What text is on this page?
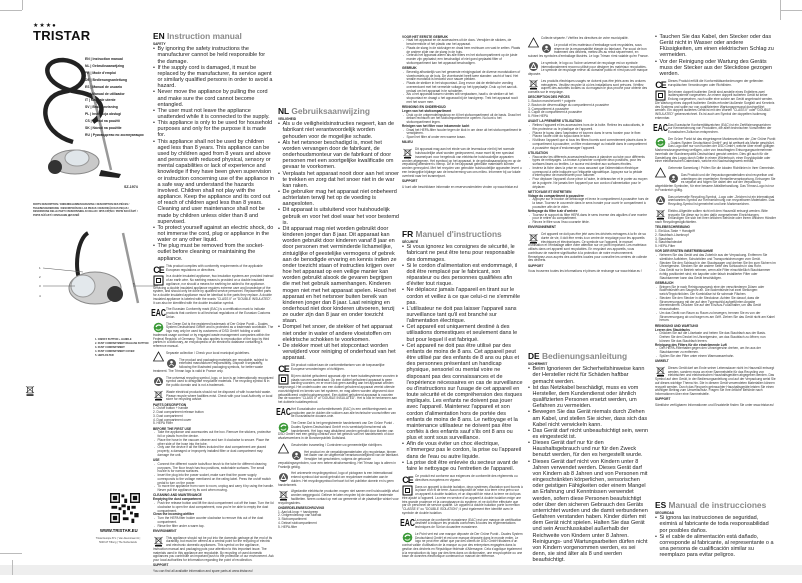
★★★●
TRISTAR
EN | Instruction manual
NL | Gebruiksaanwijzing
FR | Mode d'emploi
DE | Bedienungsanleitung
ES | Manual de usuario
PT | Manual de utilizador
IT | Manuale utente
SV | Bruksanvisning
PL | Instrukcja obsługi
CS | Návod na použití
SK | Návod na použitie
RU | Руководство по эксплуатации
SZ-1974
PARTS DESCRIPTION / ONDERDELENBESCHRIJVING / DESCRIPTION DES PIÈCES / TEILEBESCHREIBUNG / DESCRIPCIÓN DE LAS PIEZAS / DESCRIÇÃO DAS PEÇAS / DESCRIZIONE DELLE PARTI / BESKRIVNING AV DELAR / OPIS CZĘŚCI / POPIS SOUČÁSTÍ / POPIS SÚČASTÍ / ОПИСАНИЕ ДЕТАЛЕЙ
1
2
3
4
5
1. ON/OFF BUTTON + HANDLE
2. DUST COMPARTMENT RELEASE BUTTON
3. DUST COMPARTMENT
4. DUST COMPARTMENT COVER
5. HEPA FILTER
WWW.TRISTAR.EU
Tristar Europe B.V. | Van Akenstraat 41 | 5048 AT Tilburg | The Netherlands
EN Instruction manual
SAFETY
• By ignoring the safety instructions the manufacturer cannot be held responsible for the damage.
• If the supply cord is damaged, it must be replaced by the manufacturer, its service agent or similarly qualified persons in order to avoid a hazard.
• Never move the appliance by pulling the cord and make sure the cord cannot become entangled.
• The user must not leave the appliance unattended while it is connected to the supply.
• This appliance is only to be used for household purposes and only for the purpose it is made for.
• This appliance shall not be used by children aged less than 8 years. This appliance can be used by children aged from 8 years and above and persons with reduced physical, sensory or mental capabilities or lack of experience and knowledge if they have been given supervision or instruction concerning use of the appliance in a safe way and understand the hazards involved. Children shall not play with the appliance. Keep the appliance and its cord out of reach of children aged less than 8 years. Cleaning and user maintenance shall not be made by children unless older than 8 and supervised.
• To protect yourself against an electric shock, do not immerse the cord, plug or appliance in the water or any other liquid.
• The plug must be removed from the socket-outlet before cleaning or maintaining the appliance.
CE This product complies with conformity requirements of the applicable European regulations or directives.
In a double insulated appliance, two insulation systems are provided instead of an earth wire. No earthing means is provided on a double insulated appliance, nor should a means for earthing be added to the appliance. Servicing a double insulated appliance requires extreme care and knowledge of the system, and should only be done by qualified service personnel. Replacement parts for a double insulated appliance must be identical to the parts they replace. A double insulated appliance is labeled with the words "CLASS II" or "DOUBLE INSULATED". It can also be identified with the double insulation symbol.
EAC The Eurasian Conformity mark (EAC) is a certification mark to indicate products that conform to all technical regulations of the Eurasian Customs Union.
The Green Dot is the registered trademark of Der Grüne Punkt – Duales System Deutschland GmbH and is protected as a trademark worldwide. The logo may only be used by customers of DSD GmbH holding a valid trademark usage contract or by engaged waste management companies within the Federal Republic of Germany. This also applies to reproduction of the logo by third parties in a dictionary, an encyclopedia or an electronic database containing a reference manual.
Separate collection / Check your local municipal guidelines.
The product and packaging materials are recyclable, subject to extended manufacturer responsibility. Dispose it separately, following the illustrated packaging symbols, for better waste treatment. The Triman logo is valid in France only.
The universal recycling symbol, logo, or icon is an internationally recognized symbol used to designate recyclable materials. The recycling symbol is in the public domain and is not a trademark.
Waste electrical products should not be disposed of with household waste. Please recycle where facilities exist. Check with your local Authority or local store for recycling advice.
PARTS DESCRIPTION
1. On/off button + handle
2. Dust compartment release button
3. Dust compartment
4. Dust compartment cover
5. HEPA Filter
BEFORE THE FIRST USE
- Take the appliance and accessories out the box. Remove the stickers, protective foil or plastic from the device.
- Place the hose in the vacuum cleaner and turn it clockwise to secure. Place the other side of the hose into the tube.
- Only use the device if all the filters included the dust compartment are placed properly; a damaged or improperly installed filter or dust compartment may damage the unit.
USE
- Connect the different nozzle tools/floor brush to the tube for different cleaning purposes. The floor brush has two positions, switchable surfaces. The small nozzle is for narrow surfaces.
- Insert the plug into the power socket, make sure that the power supply corresponds to the voltage mentioned on the rating label. Press the on/off switch pedal to turn on the power.
- To move the appliance from room to room, unplug and carry it by using the handle. Never pull the appliance by its cord when moving.
CLEANING AND MAINTENANCE
Emptying the dust compartment
- Push the release button and lift the dust compartment out off the base. Turn the lid clockwise to open the dust compartment, now you're be able to empty the dust compartment.
Clean the incoming airfilter
- Turn the HEPA filter holder counter clockwise to remove this out of the dust compartment.
- Rinse the filter under a warm tap.
ENVIRONMENT
This appliance should not be put into the domestic garbage at the end of its durability, but must be offered at a central point for the recycling of electric and electronic domestic appliances. This symbol on the appliance, instruction manual and packaging puts your attention to this important issue. The materials used in this appliance are recyclable. By recycling of used domestic appliances you contribute an important push to the protection of our environment. Ask your local authorities for information regarding the point of recollection.
SUPPORT
You can find all available information and spare parts at www.tristar.eu!
NL Gebruiksaanwijzing
VEILIGHEID
• Als u de veiligheidsinstructies negeert, kan de fabrikant niet verantwoordelijk worden gehouden voor de mogelijke schade.
• Als het netsnoer beschadigd is, moet het worden vervangen door de fabrikant, de onderhoudsmonteur van de fabrikant of door personen met een soortgelijke kwalificatie om gevaar te voorkomen.
• Verplaats het apparaat nooit door aan het snoer te trekken en zorg dat het snoer niet in de war kan raken.
• De gebruiker mag het apparaat niet onbeheerd achterlaten terwijl het op de voeding is aangesloten.
• Dit apparaat is uitsluitend voor huishoudelijk gebruik en voor het doel waar het voor bestemd is.
• Dit apparaat mag niet worden gebruikt door kinderen jonger dan 8 jaar. Dit apparaat kan worden gebruikt door kinderen vanaf 8 jaar en door personen met verminderde lichamelijke, zintuiglijke of geestelijke vermogens of gebrek aan de benodigde ervaring en kennis indien ze onder toezicht staan of instructies krijgen over hoe het apparaat op een veilige manier kan worden gebruikt alsook de gevaren begrijpen die met het gebruik samenhangen. Kinderen mogen niet met het apparaat spelen. Houd het apparaat en het netsnoer buiten bereik van kinderen jonger dan 8 jaar. Laat reiniging en onderhoud niet door kinderen uitvoeren, tenzij ze ouder zijn dan 8 jaar en onder toezicht staan.
• Dompel het snoer, de stekker of het apparaat niet onder in water of andere vloeistoffen om elektrische schokken te voorkomen.
• De stekker moet uit het stopcontact worden verwijderd voor reiniging of onderhoud van het apparaat.
CE Dit product voldoet aan de conformiteitseisen van de toepasselijke Europese verordeningen of richtlijnen.
Bij een dubbel geïsoleerd apparaat zijn er twee isolatiesystemen voorzien in plaats van een aardedraad. Op een dubbel geïsoleerd apparaat is geen aarding voorzien, en er moet ook geen aarding aan het apparaat worden toegevoegd. Het onderhouden van een dubbel geïsoleerd apparaat vereist uiterste voorzichtigheid en kennis van het systeem, en mag alleen worden uitgevoerd door gekwalificeerd onderhoudspersoneel. Een dubbel geïsoleerd apparaat is voorzien van de woorden "CLASS II" of "DOUBLE INSULATED". Het is ook te herkennen aan het dubbele isolatiesymbool.
EAC Het Euraziatische conformiteitsmerk (EAC) is een certificeringsmerk om producten aan te duiden die voldoen aan alle technische voorschriften van de Euraziatische douane-unie.
The Green Dot is het geregistreerde handelsmerk van Der Grüne Punkt - Duales System Deutschland GmbH en is wereldwijd beschermd als handelsmerk. Het logo mag uitsluitend worden gebruikt door klanten van DSD GmbH met een geldig contract voor het gebruik van het handelsmerk of door afvalverwerkers in de Bondsrepubliek Duitsland.
Gescheiden inzameling / Controleer uw gemeentelijke richtlijnen.
Het product en de verpakkingsmaterialen zijn recyclebaar, binnen het kader van de uitgebreide verantwoordelijkheid van de fabrikant. Verwijder het gescheiden, volgens de getoonde verpakkingssymbolen, voor een betere afvalverwerking. Het Triman logo is alleen in Frankrijk geldig.
Het universele recyclingsymbool, logo of pictogram is een internationaal erkend symbool dat wordt gebruikt om recyclebare materialen aan te duiden. Het recyclingsymbool behoort tot het publieke domein en is geen handelsmerk.
Afgedankte elektrische producten mogen niet samen met huishoudelijk afval worden weggegooid. Gelieve te laten recyclen bij de daarvoor bestemde faciliteiten. Neem contact op met uw gemeente of de plaatselijke winkel voor recyclingadvies.
ONDERDELENBESCHRIJVING
1. Aan/uit-knop + handgreep
2. Ontgrendelknop van stofvak
3. Stofcompartiment
4. Deksel stofcompartiment
5. HEPA-filter
VOOR HET EERSTE GEBRUIK
- Haal het apparaat en de accessoires uit de doos. Verwijder de stickers, de beschermfolie of het plastic van het apparaat.
- Plaats de slang in de stofzuiger en draai hem rechtsom om vast te zetten. Plaats de andere zijde van de slang in de buis.
- Gebruik het apparaat alleen als alle filters en het stofcompartiment op de juiste manier zijn geplaatst; een beschadigd of niet goed geplaatst filter of stofcompartiment kan het apparaat beschadigen.
GEBRUIK
- Bevestig afhankelijk van het gewenste reinigingsdoel de diverse mondstukken of vloerborstels op de buis. De vloerborstel heeft twee standen: zacht of hard. Het smalle mondstuk is bedoeld voor nauwe plekken.
- Plaats de stekker in het stopcontact. Zorg ervoor dat de elektrische voeding overeenkomt met het vermelde voltage op het typeplaatje. Druk op het aan/uit-pedaal om het apparaat in te schakelen.
- Als u het apparaat tussen ruimtes wilt verplaatsen, haalt u de stekker uit het stopcontact en draagt u het apparaat bij de handgreep. Trek het apparaat nooit met het snoer mee.
REINIGING EN ONDERHOUD
Legen van het stofcompartiment
- Druk op de ontgrendelingsknop en til het stofcompartiment uit de basis. Draai het deksel rechtsom om het stofcompartiment te openen. Nu kunt u het stofcompartiment legen.
Reinigen van het filter voor inkomende lucht
- Draai het HEPA-filter houder tegen de klok in om deze uit het stofcompartiment te verwijderen.
- Spoel het filter af onder een warme kraan.
MILIEU
Dit apparaat mag aan het einde van de levensduur niet bij het normale huishoudelijke afval worden gedeponeerd, maar moet bij een speciaal inzamelpunt voor hergebruik van elektrische huishoudelijke apparaten worden afgegeven. Het symbool op het apparaat, in de gebruiksaanwijzing en op de verpakking attendeert u hierop. De in het apparaat gebruikte materialen kunnen worden gerecycled. Met het recyclen van gebruikte huishoudelijke apparaten levert u een belangrijke bijdrage aan de bescherming van ons milieu. Informeer bij uw lokale overheid naar het inzamelpunt.
SUPPORT
U kunt alle beschikbare informatie en reserveonderdelen vinden op www.tristar.eu!
FR Manuel d'instructions
SÉCURITÉ
• Si vous ignorez les consignes de sécurité, le fabricant ne peut être tenu pour responsable des dommages.
• Si le cordon d'alimentation est endommagé, il doit être remplacé par le fabricant, son réparateur ou des personnes qualifiées afin d'éviter tout risque.
• Ne déplacez jamais l'appareil en tirant sur le cordon et veillez à ce que celui-ci ne s'emmêle pas.
• L'utilisateur ne doit pas laisser l'appareil sans surveillance tant qu'il est branché sur l'alimentation électrique.
• Cet appareil est uniquement destiné à des utilisations domestiques et seulement dans le but pour lequel il est fabriqué.
• Cet appareil ne doit pas être utilisé par des enfants de moins de 8 ans. Cet appareil peut être utilisé par des enfants de 8 ans ou plus et des personnes présentant un handicap physique, sensoriel ou mental voire ne disposant pas des connaissances et de l'expérience nécessaires en cas de surveillance ou d'instructions sur l'usage de cet appareil en toute sécurité et de compréhension des risques impliqués. Les enfants ne doivent pas jouer avec l'appareil. Maintenez l'appareil et son cordon d'alimentation hors de portée des enfants de moins de 8 ans. Le nettoyage et la maintenance utilisateur ne doivent pas être confiés à des enfants sauf s'ils ont 8 ans ou plus et sont sous surveillance.
• Afin de vous éviter un choc électrique, n'immergez pas le cordon, la prise ou l'appareil dans de l'eau ou autre liquide.
• La prise doit être enlevée du secteur avant de faire le nettoyage ou l'entretien de l'appareil.
CE Ce produit est conforme aux exigences de conformité des règlements ou directives européens en vigueur.
Dans un appareil à double isolation, deux systèmes d'isolation sont fournis à la place d'un fil de terre. Aucun dispositif de mise à la terre n'est prévu sur un appareil à double isolation, et un dispositif de mise à la terre ne doit pas être ajouté à l'appareil. La mise en service d'un appareil à double isolation exige une très grande prudence et la connaissance du système, et ne doit être effectuée que par un personnel de service qualifié. Un appareil à double isolation porte la mention "CLASSE II" ou "DOUBLE ISOLATION"; il peut également être identifié avec le symbole de double isolation.
EAC La marque de conformité eurasienne (EAC) est une marque de certification destinée à indiquer les produits conformes à toutes les réglementations techniques de l'Union douanière eurasienne.
Le Point vert est une marque déposée de Der Grüne Punkt - Duales System Deutschland GmbH et est une marque déposée dans le monde entier. Le logo ne peut être utilisé que par des clients de DSD GmbH titulaires d'un contrat valide d'utilisation de la marque ou par des entreprises engagées dans la gestion des déchets en République fédérale d'Allemagne. Cela s'applique également à la reproduction du logo par des tiers dans un dictionnaire, une encyclopédie ou une base de données électronique contenant un manuel de référence.
Collecte séparée / Vérifiez les directives de votre municipalité.
Le produit et les matériaux d'emballage sont recyclables, sous réserve de la responsabilité élargie du fabricant. Par souci de bon traitement des déchets, mettez-les au rebut séparément, en suivant les symboles d'emballage illustrés. Le logo Triman n'est valable qu'en France.
Le symbole, le logo ou l'icône universel de recyclage est un symbole internationalement reconnu utilisé pour désigner les matériaux recyclables. Le symbole de recyclage relève du domaine public et n'est pas une marque déposée.
Les produits électriques usagés ne doivent pas être jetés avec les ordures ménagères. Veuillez recycler là où les installations sont prévues. Vérifiez auprès des autorités locales ou du magasin le plus proche pour obtenir des conseils sur le recyclage.
DESCRIPTION DES PIÈCES
1. Bouton marche/arrêt + poignée
2. Bouton de déverrouillage du compartiment à poussière
3. Compartiment à poussière
4. Capot de compartiment à poussière
5. Filtre HEPA
AVANT LA PREMIÈRE UTILISATION
- Retirez l'appareil et les accessoires hors de la boîte. Retirez les autocollants, le film protecteur ou le plastique de l'appareil.
- Placez le tuyau dans l'aspirateur et tournez dans le sens horaire pour le fixer. Placez l'autre côté du tuyau dans le tube.
- N'utilisez l'appareil que si tous les filtres fournis sont correctement placés dans le compartiment à poussière; un filtre endommagé ou installé dans le compartiment à poussière risque d'endommager l'appareil.
UTILISATION
- Raccordez les différents accessoires/brosses à plancher au tube pour différents types de nettoyages. La brosse à plancher comporte deux positions, pour les surfaces lisses ou textiles. Le suceur est destiné aux surfaces étroites.
- Insérez la fiche dans la prise en vous assurant que l'alimentation électrique correspond à celle indiquée sur l'étiquette signalétique. Appuyez sur la pédale d'interrupteur de marche/arrêt pour l'allumer.
- Pour déplacer l'appareil d'une pièce à l'autre, le débrancher et le porter au moyen de la poignée. Ne jamais tirer l'appareil par son cordon d'alimentation pour le déplacer.
NETTOYAGE ET ENTRETIEN
Vidage du compartiment à poussière
- Appuyez sur le bouton de déblocage et levez le compartiment à poussière hors de la base. Tournez le couvercle dans le sens horaire pour ouvrir le compartiment à poussière afin de le vider.
Nettoyage du filtre à air d'arrivée
- Tournez le support du filtre HEPA dans le sens inverse des aiguilles d'une montre pour le retirer du compartiment.
- Rincez le filtre sous l'eau courante tiède.
ENVIRONNEMENT
Cet appareil ne doit pas être jeté avec les déchets ménagers à la fin de sa durée de vie, il doit être remis à un centre de recyclage pour les appareils électriques et électroniques. Ce symbole sur l'appareil, le manuel d'utilisation et l'emballage attire votre attention sur ce point important. Les matériaux utilisés dans cet appareil sont recyclables. En recyclant vos appareils, vous contribuez de manière significative à la protection de notre environnement. Renseignez-vous auprès des autorités locales pour connaître les centres de collecte des déchets.
SUPPORT
Vous trouverez toutes les informations et pièces de rechange sur www.tristar.eu !
DE Bedienungsanleitung
SICHERHEIT
• Beim Ignorieren der Sicherheitshinweise kann der Hersteller nicht für Schäden haftbar gemacht werden.
• Ist das Netzkabel beschädigt, muss es vom Hersteller, dem Kundendienst oder ähnlich qualifizierten Personen ersetzt werden, um Gefahren zu vermeiden.
• Bewegen Sie das Gerät niemals durch Ziehen am Kabel, und stellen Sie sicher, dass sich das Kabel nicht verwickeln kann.
• Das Gerät darf nicht unbeaufsichtigt sein, wenn es eingesteckt ist.
• Dieses Gerät darf nur für den Haushaltsgebrauch und nur für den Zweck benutzt werden, für den es hergestellt wurde.
• Dieses Gerät darf nicht von Kindern unter 8 Jahren verwendet werden. Dieses Gerät darf von Kindern ab 8 Jahren und von Personen mit eingeschränkten körperlichen, sensorischen oder geistigen Fähigkeiten oder einem Mangel an Erfahrung und Kenntnissen verwendet werden, sofern diese Personen beaufsichtigt oder über den sicheren Gebrauch des Geräts unterrichtet wurden und die damit verbundenen Gefahren verstanden haben. Kinder dürfen mit dem Gerät nicht spielen. Halten Sie das Gerät und sein Anschlusskabel außerhalb der Reichweite von Kindern unter 8 Jahren. Reinigungs- und Wartungsarbeiten dürfen nicht von Kindern vorgenommen werden, es sei denn, sie sind älter als 8 und werden beaufsichtigt.
• Tauchen Sie das Kabel, den Stecker oder das Gerät nicht in Wasser oder andere Flüssigkeiten, um einen elektrischen Schlag zu vermeiden.
• Vor der Reinigung oder Wartung des Geräts muss der Stecker aus der Steckdose gezogen werden.
CE Dieses Produkt erfüllt die Konformitätsanforderungen der geltenden europäischen Verordnungen oder Richtlinien.
Bei einem doppelt isolierten Gerät sind anstelle eines Erdleiters zwei Isoliersysteme vorgesehen. An einem doppelt isolierten Gerät ist keine Erdung vorgesehen, noch sollte eine solche am Gerät angebracht werden. Die Wartung eines doppelt isolierten Geräts erfordert äußerste Sorgfalt und Kenntnis des Systems und sollte nur von qualifiziertem Wartungspersonal durchgeführt werden. Ein doppelt isoliertes Gerät ist mit den Worten "CLASS II" oder "DOUBLE INSULATED" gekennzeichnet. Es ist auch am Symbol der doppelten Isolierung erkennbar.
EAC Das Eurasische Konformitätszeichen (EAC) ist ein Zertifizierungszeichen zur Kennzeichnung von Produkten, die allen technischen Vorschriften der Eurasischen Zollunion entsprechen.
Der Grüne Punkt ist das eingetragene Markenzeichen der „Der Grüne Punkt – Duales System Deutschland GmbH“ und ist weltweit als Marke geschützt. Das Logo darf nur von Kunden der DSD GmbH, welche über einen gültigen Markennutzungsvertrag verfügen, oder von beauftragten Entsorgungsunternehmen innerhalb der Bundesrepublik Deutschland genutzt werden. Dies gilt auch für die Darstellung des Logos durch Dritte in einem Wörterbuch, einer Enzyklopädie oder einer elektronischen Datenbank, welche ein Nachschlagewerk enthält.
Getrennte Sammlung / Prüfen Sie die lokalen Richtlinien in Ihrer Gemeinde.
Das Produkt und die Verpackungsmaterialien sind recycelbar und unterliegen der erweiterten Herstellerverantwortung. Entsorgen Sie es separat und folgen Sie dabei den auf der Verpackung abgebildeten Symbolen, für eine bessere Abfallbehandlung. Das Triman-Logo ist nur in Frankreich gültig.
Das universelle Recycling-Symbol, -Logo oder -Zeichen ist ein international anerkanntes Symbol zur Kennzeichnung von recycelbaren Materialien. Das Recycling-Symbol ist gemeinfrei und kein Markenzeichen.
Elektro-Altgeräte sollten nicht mit dem Hausmüll entsorgt werden. Bitte recyceln Sie diese nur in den dafür vorgesehenen Einrichtungen. Erkundigen Sie sich bei Ihrer örtlichen Behörde oder Ihrem örtlichen Händler nach Recyclingmöglichkeiten.
TEILEBESCHREIBUNG
1. Ein/Aus-Taste + Handgriff
2. Staubfach-Löseknopf
3. Staubfach
4. Staubfachdeckel
5. HEPA-Filter
VOR DER ERSTEN INBETRIEBNAHME
- Nehmen Sie das Gerät und das Zubehör aus der Verpackung. Entfernen Sie sämtliche Aufkleber, Schutzfolien und Transportsicherungen vom Gerät.
- Stecken Sie den Schlauch in den Staubsauger und drehen Sie ihn zum Sichern im Uhrzeigersinn. Stecken Sie die andere Seite des Schlauchs in das Rohr.
- Das Gerät nur in Betrieb nehmen, wenn alle Filter einschließlich Staubkammer richtig positioniert sind; ein kaputter oder falsch installierter Filter oder Staubkammer kann das Gerät beschädigen.
GEBRAUCH
- Bringen Sie je nach Reinigungszweck eine der verschiedenen Düsen oder Bodenbürsten am Saugrohr an. Die Bodenbürste hat zwei Stellungen: weich/Teppichböden. Die Kombidüse ist für schmale Flächen.
- Stecken Sie den Stecker in die Steckdose. Achten Sie darauf, dass die Stromversorgung mit der auf dem Typenschild aufgeführten Angabe übereinstimmt. Drücken Sie auf den Ein/Aus-Fußschalter, um das Gerät einzuschalten.
- Um das Gerät von Raum zu Raum zu bewegen, trennen Sie es von der Stromversorgung ab und tragen es am Griff. Ziehen Sie das Gerät nicht am Kabel herum.
REINIGUNG UND WARTUNG
Leeren des Staubfachs
- Drücken Sie auf die Lösetaste und heben Sie das Staubfach aus der Basis. Drehen Sie den Deckel im Uhrzeigersinn, um das Staubfach zu öffnen; nun können Sie das Staubfach leeren.
Reinigung des Filters für die einströmende Luft
- Den HEPA-Filterhalter gegen den Uhrzeigersinn drehen, um ihn aus der Staubkammer zu entfernen.
- Spülen Sie den Filter unter einem Warmwasserhahn.
UMWELT
Dieses Gerät darf am Ende seiner Lebensdauer nicht im Hausmüll entsorgt werden, sondern muss an einer Sammelstelle für das Recycling von elektrischen und elektronischen Haushaltsgeräten abgegeben werden. Das Symbol auf dem Gerät, in der Bedienungsanleitung und auf der Verpackung weist Sie auf dieses wichtige Thema hin. Die in diesem Gerät verwendeten Materialien können recycelt werden. Durch das Recyceln gebrauchter Haushaltsgeräte leisten Sie einen wichtigen Beitrag zum Umweltschutz. Fragen Sie Ihre örtliche Behörde nach Informationen über eine Sammelstelle.
SUPPORT
Sämtliche verfügbaren Informationen und Ersatzteile finden Sie unter www.tristar.eu!
ES Manual de instrucciones
SEGURIDAD
• Si ignora las instrucciones de seguridad, eximirá al fabricante de toda responsabilidad por posibles daños.
• Si el cable de alimentación está dañado, corresponde al fabricante, al representante o a una persona de cualificación similar su reemplazo para evitar peligros.
